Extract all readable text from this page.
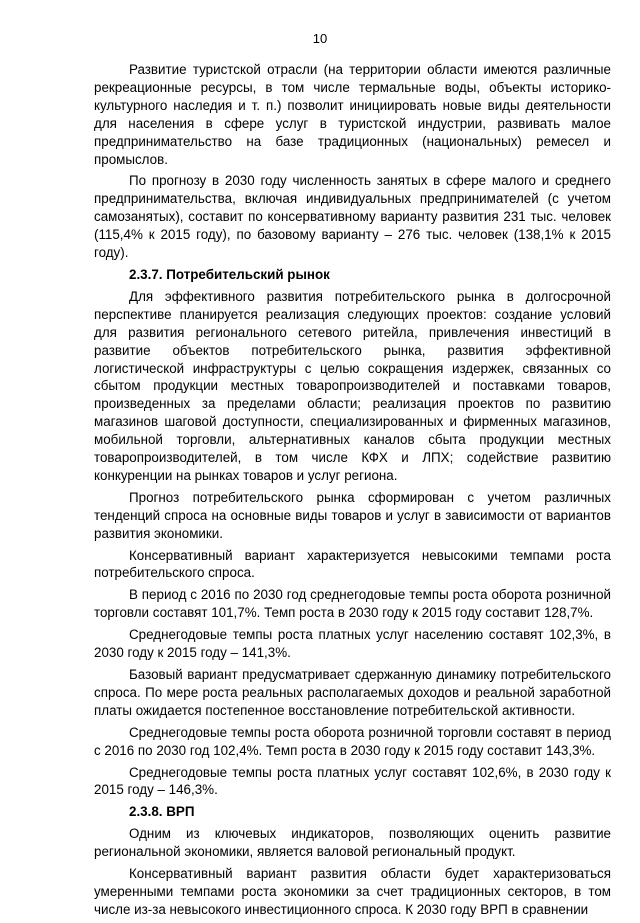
10

Развитие туристской отрасли (на территории области имеются различные рекреационные ресурсы, в том числе термальные воды, объекты историко-культурного наследия и т. п.) позволит инициировать новые виды деятельности для населения в сфере услуг в туристской индустрии, развивать малое предпринимательство на базе традиционных (национальных) ремесел и промыслов.

По прогнозу в 2030 году численность занятых в сфере малого и среднего предпринимательства, включая индивидуальных предпринимателей (с учетом самозанятых), составит по консервативному варианту развития 231 тыс. человек (115,4% к 2015 году), по базовому варианту – 276 тыс. человек (138,1% к 2015 году).

2.3.7. Потребительский рынок

Для эффективного развития потребительского рынка в долгосрочной перспективе планируется реализация следующих проектов: создание условий для развития регионального сетевого ритейла, привлечения инвестиций в развитие объектов потребительского рынка, развития эффективной логистической инфраструктуры с целью сокращения издержек, связанных со сбытом продукции местных товаропроизводителей и поставками товаров, произведенных за пределами области; реализация проектов по развитию магазинов шаговой доступности, специализированных и фирменных магазинов, мобильной торговли, альтернативных каналов сбыта продукции местных товаропроизводителей, в том числе КФХ и ЛПХ; содействие развитию конкуренции на рынках товаров и услуг региона.

Прогноз потребительского рынка сформирован с учетом различных тенденций спроса на основные виды товаров и услуг в зависимости от вариантов развития экономики.

Консервативный вариант характеризуется невысокими темпами роста потребительского спроса.

В период с 2016 по 2030 год среднегодовые темпы роста оборота розничной торговли составят 101,7%. Темп роста в 2030 году к 2015 году составит 128,7%.

Среднегодовые темпы роста платных услуг населению составят 102,3%, в 2030 году к 2015 году – 141,3%.

Базовый вариант предусматривает сдержанную динамику потребительского спроса. По мере роста реальных располагаемых доходов и реальной заработной платы ожидается постепенное восстановление потребительской активности.

Среднегодовые темпы роста оборота розничной торговли составят в период с 2016 по 2030 год 102,4%. Темп роста в 2030 году к 2015 году составит 143,3%.

Среднегодовые темпы роста платных услуг составят 102,6%, в 2030 году к 2015 году – 146,3%.

2.3.8. ВРП

Одним из ключевых индикаторов, позволяющих оценить развитие региональной экономики, является валовой региональный продукт.

Консервативный вариант развития области будет характеризоваться умеренными темпами роста экономики за счет традиционных секторов, в том числе из-за невысокого инвестиционного спроса. К 2030 году ВРП в сравнении
